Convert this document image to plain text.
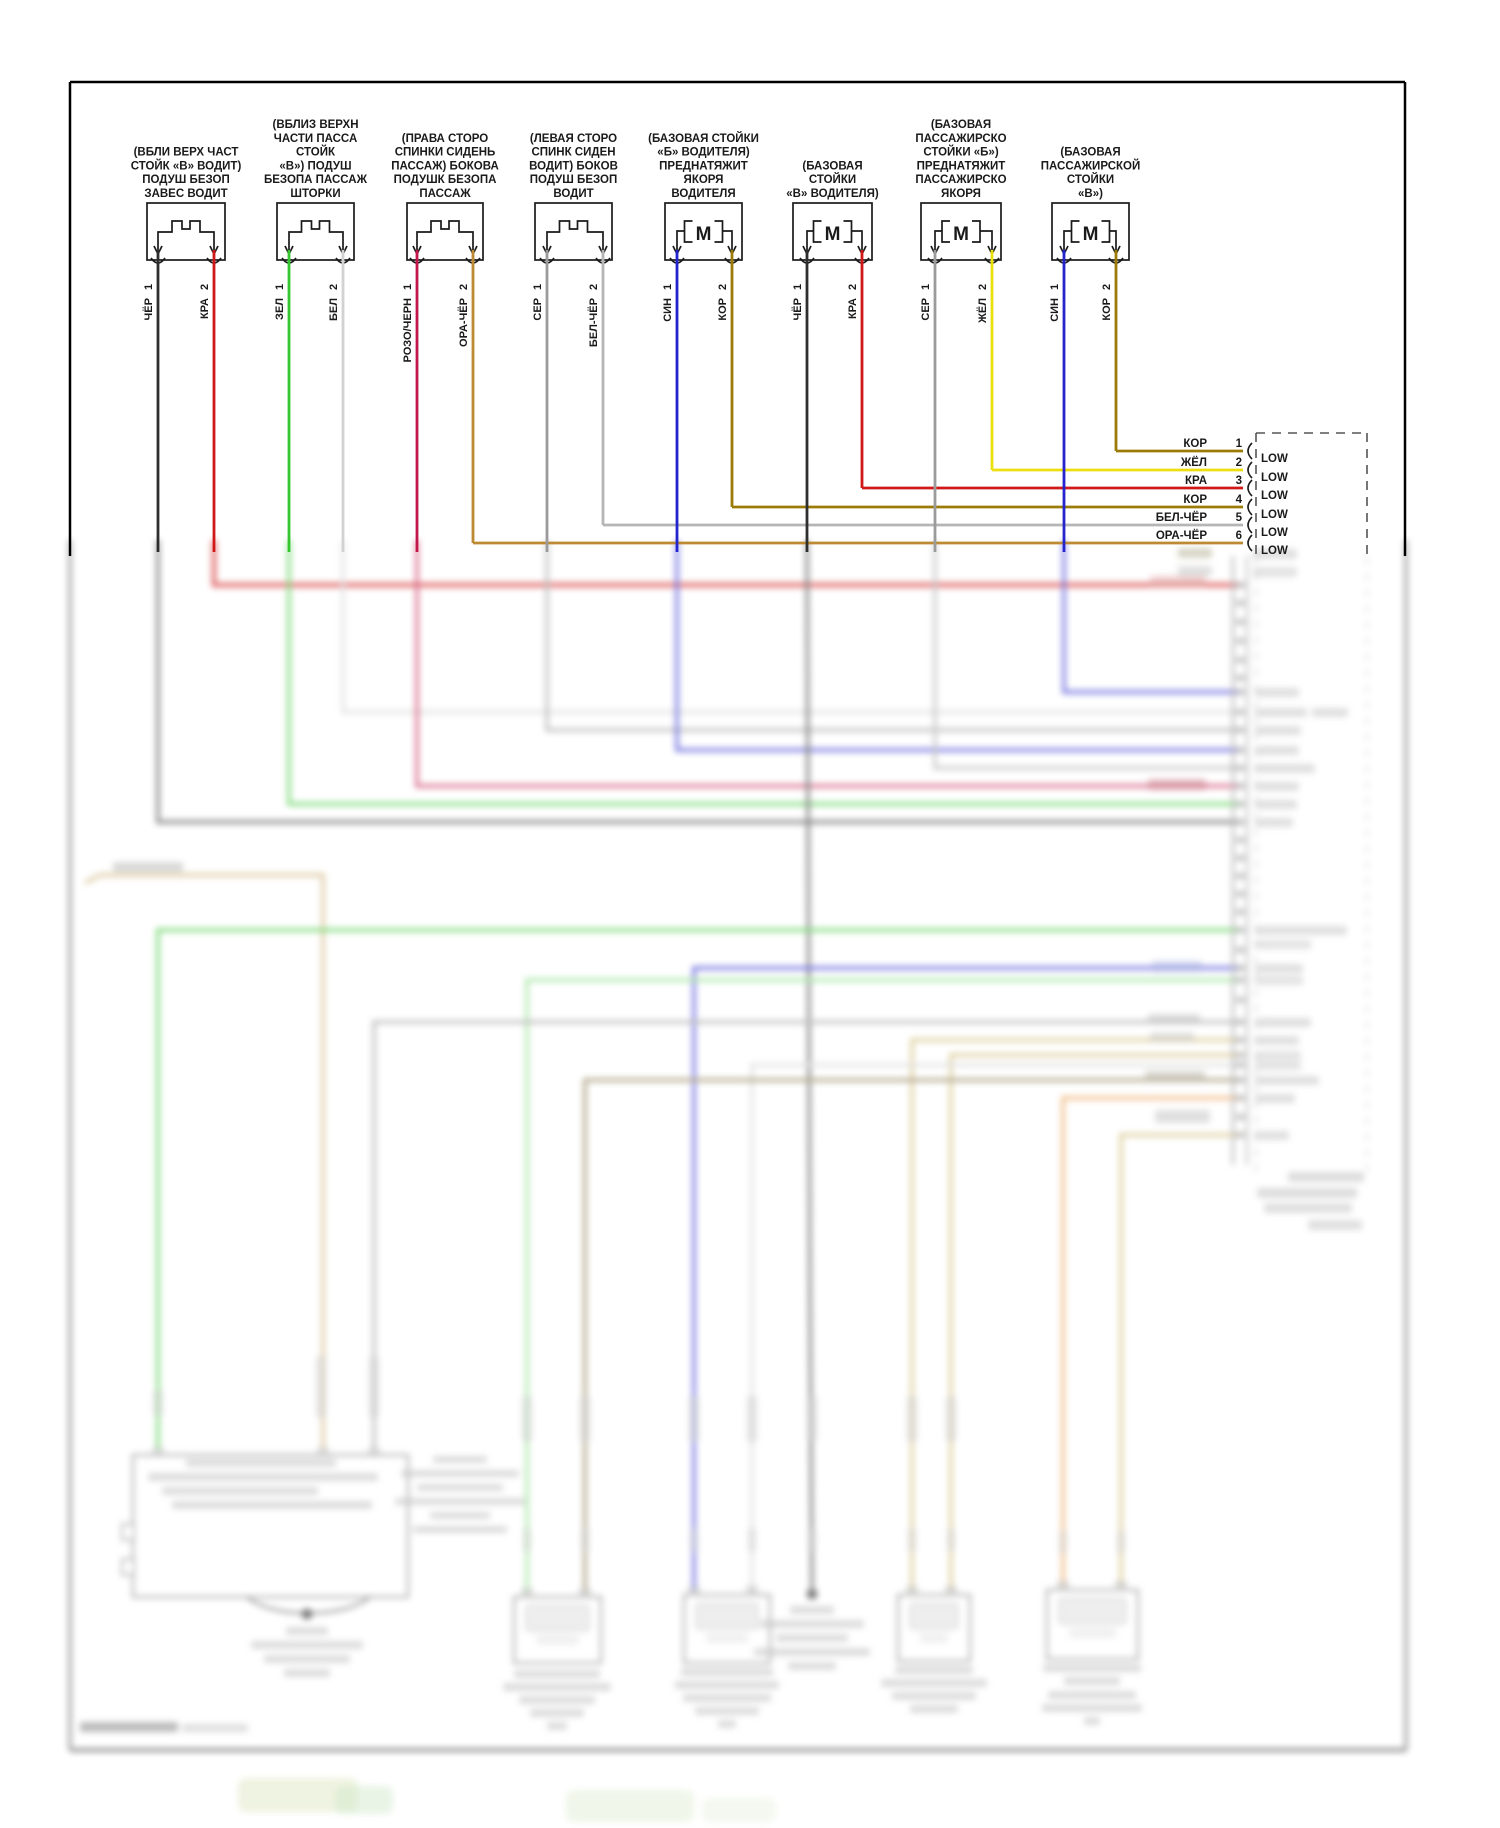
(ВБЛИ ВЕРХ ЧАСТ
СТОЙК «В» ВОДИТ)
ПОДУШ БЕЗОП
ЗАВЕС ВОДИТ
1
ЧЁР
2
КРА
(ВБЛИЗ ВЕРХН
ЧАСТИ ПАССА
СТОЙК
«В») ПОДУШ
БЕЗОПА ПАССАЖ
ШТОРКИ
1
ЗЕЛ
2
БЕЛ
(ПРАВА СТОРО
СПИНКИ СИДЕНЬ
ПАССАЖ) БОКОВА
ПОДУШК БЕЗОПА
ПАССАЖ
1
РОЗО/ЧЕРН
2
ОРА-ЧЁР
(ЛЕВАЯ СТОРО
СПИНК СИДЕН
ВОДИТ) БОКОВ
ПОДУШ БЕЗОП
ВОДИТ
1
СЕР
2
БЕЛ-ЧЁР
(БАЗОВАЯ СТОЙКИ
«Б» ВОДИТЕЛЯ)
ПРЕДНАТЯЖИТ
ЯКОРЯ
ВОДИТЕЛЯ
М
1
СИН
2
КОР
(БАЗОВАЯ
СТОЙКИ
«В» ВОДИТЕЛЯ)
М
1
ЧЁР
2
КРА
(БАЗОВАЯ
ПАССАЖИРСКО
СТОЙКИ «Б»)
ПРЕДНАТЯЖИТ
ПАССАЖИРСКО
ЯКОРЯ
М
1
СЕР
2
ЖЁЛ
(БАЗОВАЯ
ПАССАЖИРСКОЙ
СТОЙКИ
«В»)
М
1
СИН
2
КОР
КОР 1
LOW
ЖЁЛ 2
LOW
КРА 3
LOW
КОР 4
LOW
БЕЛ-ЧЁР 5
LOW
ОРА-ЧЁР 6
LOW
